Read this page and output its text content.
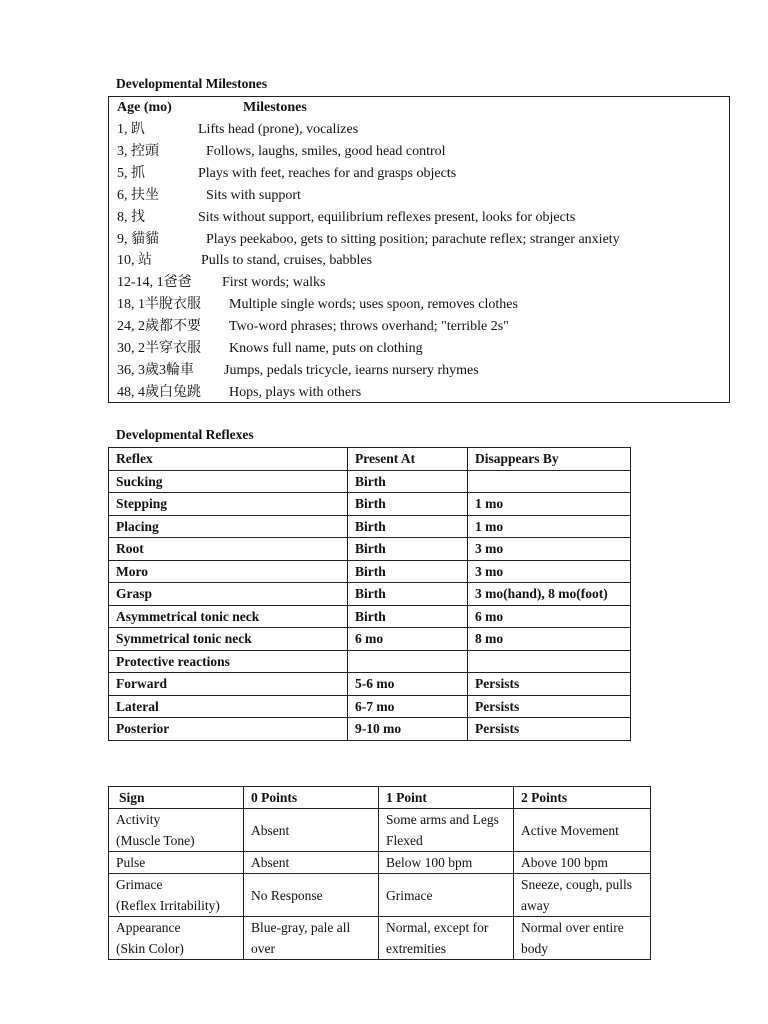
Developmental Milestones
Age (mo)	Milestones
1, 趴	Lifts head (prone), vocalizes
3, 控頭	Follows, laughs, smiles, good head control
5, 抓	Plays with feet, reaches for and grasps objects
6, 扶坐	Sits with support
8, 找	Sits without support, equilibrium reflexes present, looks for objects
9, 貓貓	Plays peekaboo, gets to sitting position; parachute reflex; stranger anxiety
10, 站	Pulls to stand, cruises, babbles
12-14, 1爸爸 First words; walks
18, 1半脫衣服 Multiple single words; uses spoon, removes clothes
24, 2歲都不要 Two-word phrases; throws overhand; "terrible 2s"
30, 2半穿衣服 Knows full name, puts on clothing
36, 3歲3輪車 Jumps, pedals tricycle, iearns nursery rhymes
48, 4歲白兔跳 Hops, plays with others
Developmental Reflexes
Reflex	Present At	Disappears By
Sucking	Birth	
Stepping	Birth	1 mo
Placing	Birth	1 mo
Root	Birth	3 mo
Moro	Birth	3 mo
Grasp	Birth	3 mo(hand), 8 mo(foot)
Asymmetrical tonic neck	Birth	6 mo
Symmetrical tonic neck	6 mo	8 mo
Protective reactions		
Forward	5-6 mo	Persists
Lateral	6-7 mo	Persists
Posterior	9-10 mo	Persists
Sign	0 Points	1 Point	2 Points

Activity
(Muscle Tone)	Absent	Some arms and Legs Flexed	Active Movement

Pulse	Absent	Below 100 bpm	Above 100 bpm

Grimace
(Reflex Irritability)	No Response	Grimace	Sneeze, cough, pulls away

Appearance
(Skin Color)	Blue-gray, pale all over	Normal, except for extremities	Normal over entire body
